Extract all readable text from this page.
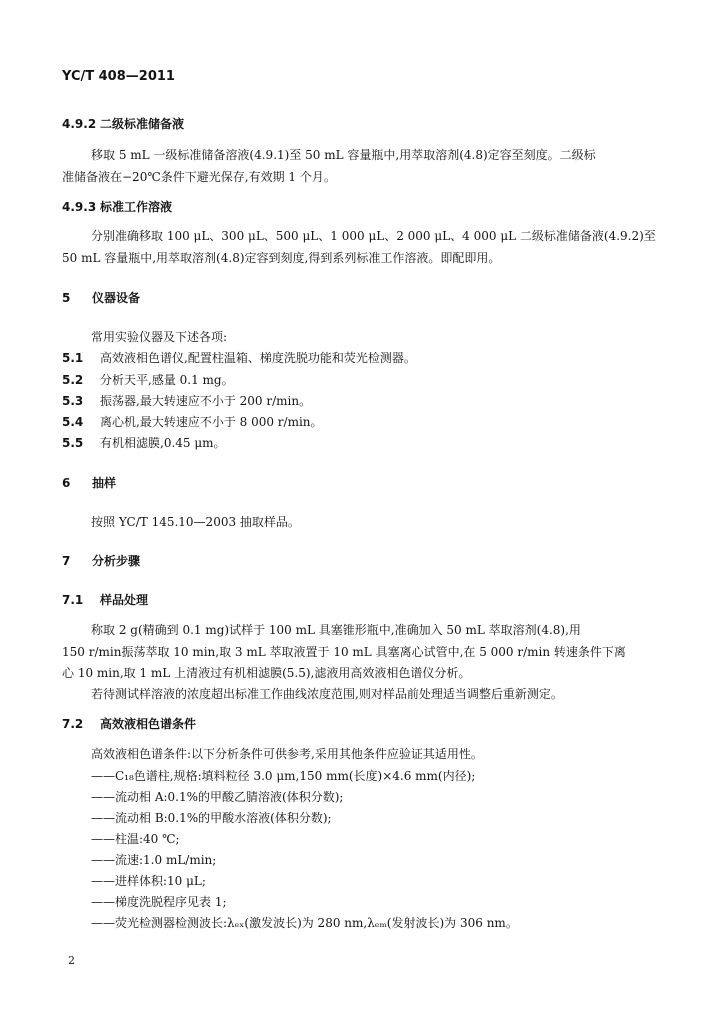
YC/T 408—2011
4.9.2 二级标准储备液
移取 5 mL 一级标准储备溶液(4.9.1)至 50 mL 容量瓶中,用萃取溶剂(4.8)定容至刻度。二级标
准储备液在−20℃条件下避光保存,有效期 1 个月。
4.9.3 标准工作溶液
分别准确移取 100 μL、300 μL、500 μL、1 000 μL、2 000 μL、4 000 μL 二级标准储备液(4.9.2)至
50 mL 容量瓶中,用萃取溶剂(4.8)定容到刻度,得到系列标准工作溶液。即配即用。
5 仪器设备
常用实验仪器及下述各项:
5.1 高效液相色谱仪,配置柱温箱、梯度洗脱功能和荧光检测器。
5.2 分析天平,感量 0.1 mg。
5.3 振荡器,最大转速应不小于 200 r/min。
5.4 离心机,最大转速应不小于 8 000 r/min。
5.5 有机相滤膜,0.45 μm。
6 抽样
按照 YC/T 145.10—2003 抽取样品。
7 分析步骤
7.1 样品处理
称取 2 g(精确到 0.1 mg)试样于 100 mL 具塞锥形瓶中,准确加入 50 mL 萃取溶剂(4.8),用
150 r/min振荡萃取 10 min,取 3 mL 萃取液置于 10 mL 具塞离心试管中,在 5 000 r/min 转速条件下离
心 10 min,取 1 mL 上清液过有机相滤膜(5.5),滤液用高效液相色谱仪分析。
若待测试样溶液的浓度超出标准工作曲线浓度范围,则对样品前处理适当调整后重新测定。
7.2 高效液相色谱条件
高效液相色谱条件:以下分析条件可供参考,采用其他条件应验证其适用性。
——C₁₈色谱柱,规格:填料粒径 3.0 μm,150 mm(长度)×4.6 mm(内径);
——流动相 A:0.1%的甲酸乙腈溶液(体积分数);
——流动相 B:0.1%的甲酸水溶液(体积分数);
——柱温:40 ℃;
——流速:1.0 mL/min;
——进样体积:10 μL;
——梯度洗脱程序见表 1;
——荧光检测器检测波长:λₑₓ(激发波长)为 280 nm,λₑₘ(发射波长)为 306 nm。
2
